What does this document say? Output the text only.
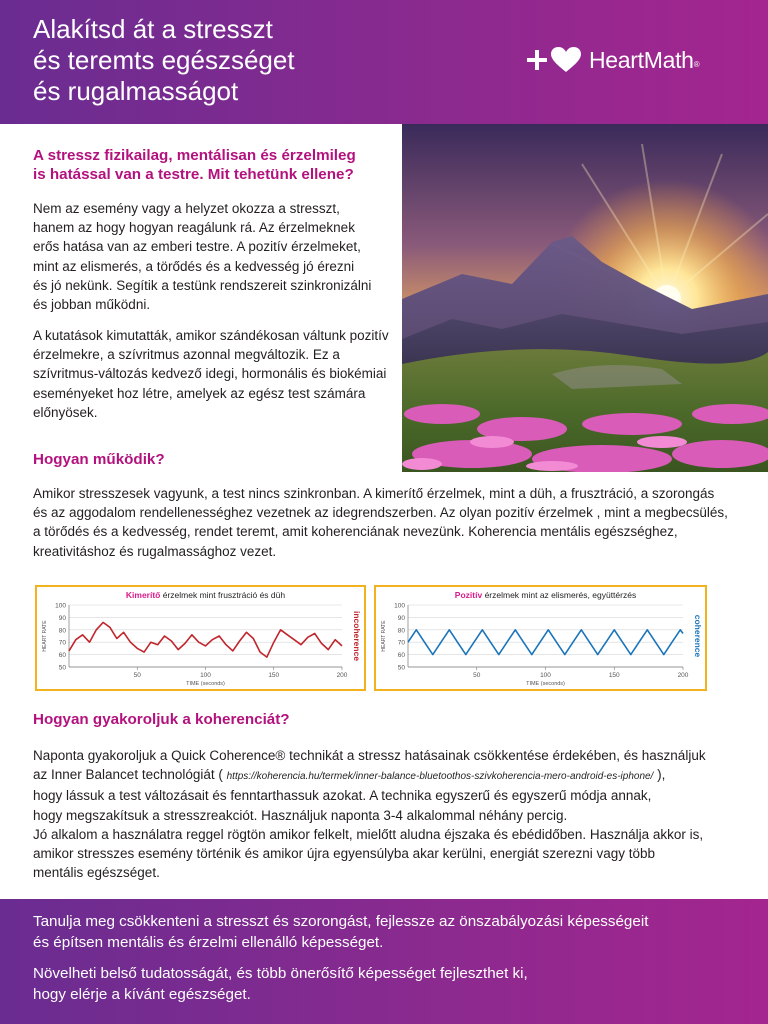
Alakítsd át a stresszt
és teremts egészséget
és rugalmasságot
HeartMath®
A stressz fizikailag, mentálisan és érzelmileg
is hatással van a testre. Mit tehetünk ellene?
Nem az esemény vagy a helyzet okozza a stresszt,
hanem az hogy hogyan reagálunk rá. Az érzelmeknek
erős hatása van az emberi testre. A pozitív érzelmeket,
mint az elismerés, a törődés és a kedvesség jó érezni
és jó nekünk. Segítik a testünk rendszereit szinkronizálni
és jobban működni.
A kutatások kimutatták, amikor szándékosan váltunk pozitív
érzelmekre, a szívritmus azonnal megváltozik. Ez a
szívritmus-változás kedvező idegi, hormonális és biokémiai
eseményeket hoz létre, amelyek az egész test számára
előnyösek.
Hogyan működik?
Amikor stresszesek vagyunk, a test nincs szinkronban. A kimerítő érzelmek, mint a düh, a frusztráció, a szorongás
és az aggodalom rendellenességhez vezetnek az idegrendszerben. Az olyan pozitív érzelmek , mint a megbecsülés,
a törődés és a kedvesség, rendet teremt, amit koherenciának nevezünk. Koherencia mentális egészséghez,
kreativitáshoz és rugalmassághoz vezet.
Kimerítő érzelmek mint frusztráció és düh
50
60
70
80
90
100
50	100	150	200
TIME (seconds)
HEART RATE	incoherence
Pozitív érzelmek mint az elismerés, együttérzés
50
60
70
80
90
100
50	100	150	200
TIME (seconds)
HEART RATE	coherence
Hogyan gyakoroljuk a koherenciát?
Naponta gyakoroljuk a Quick Coherence® technikát a stressz hatásainak csökkentése érdekében, és használjuk
az Inner Balancet technológiát ( https://koherencia.hu/termek/inner-balance-bluetoothos-szivkoherencia-mero-android-es-iphone/ ),
hogy lássuk a test változásait és fenntarthassuk azokat. A technika egyszerű és egyszerű módja annak,
hogy megszakítsuk a stresszreakciót. Használjuk naponta 3-4 alkalommal néhány percig.
Jó alkalom a használatra reggel rögtön amikor felkelt, mielőtt aludna éjszaka és ebédidőben. Használja akkor is,
amikor stresszes esemény történik és amikor újra egyensúlyba akar kerülni, energiát szerezni vagy több
mentális egészséget.
Tanulja meg csökkenteni a stresszt és szorongást, fejlessze az önszabályozási képességeit
és építsen mentális és érzelmi ellenálló képességet.
Növelheti belső tudatosságát, és több önerősítő képességet fejleszthet ki,
hogy elérje a kívánt egészséget.
